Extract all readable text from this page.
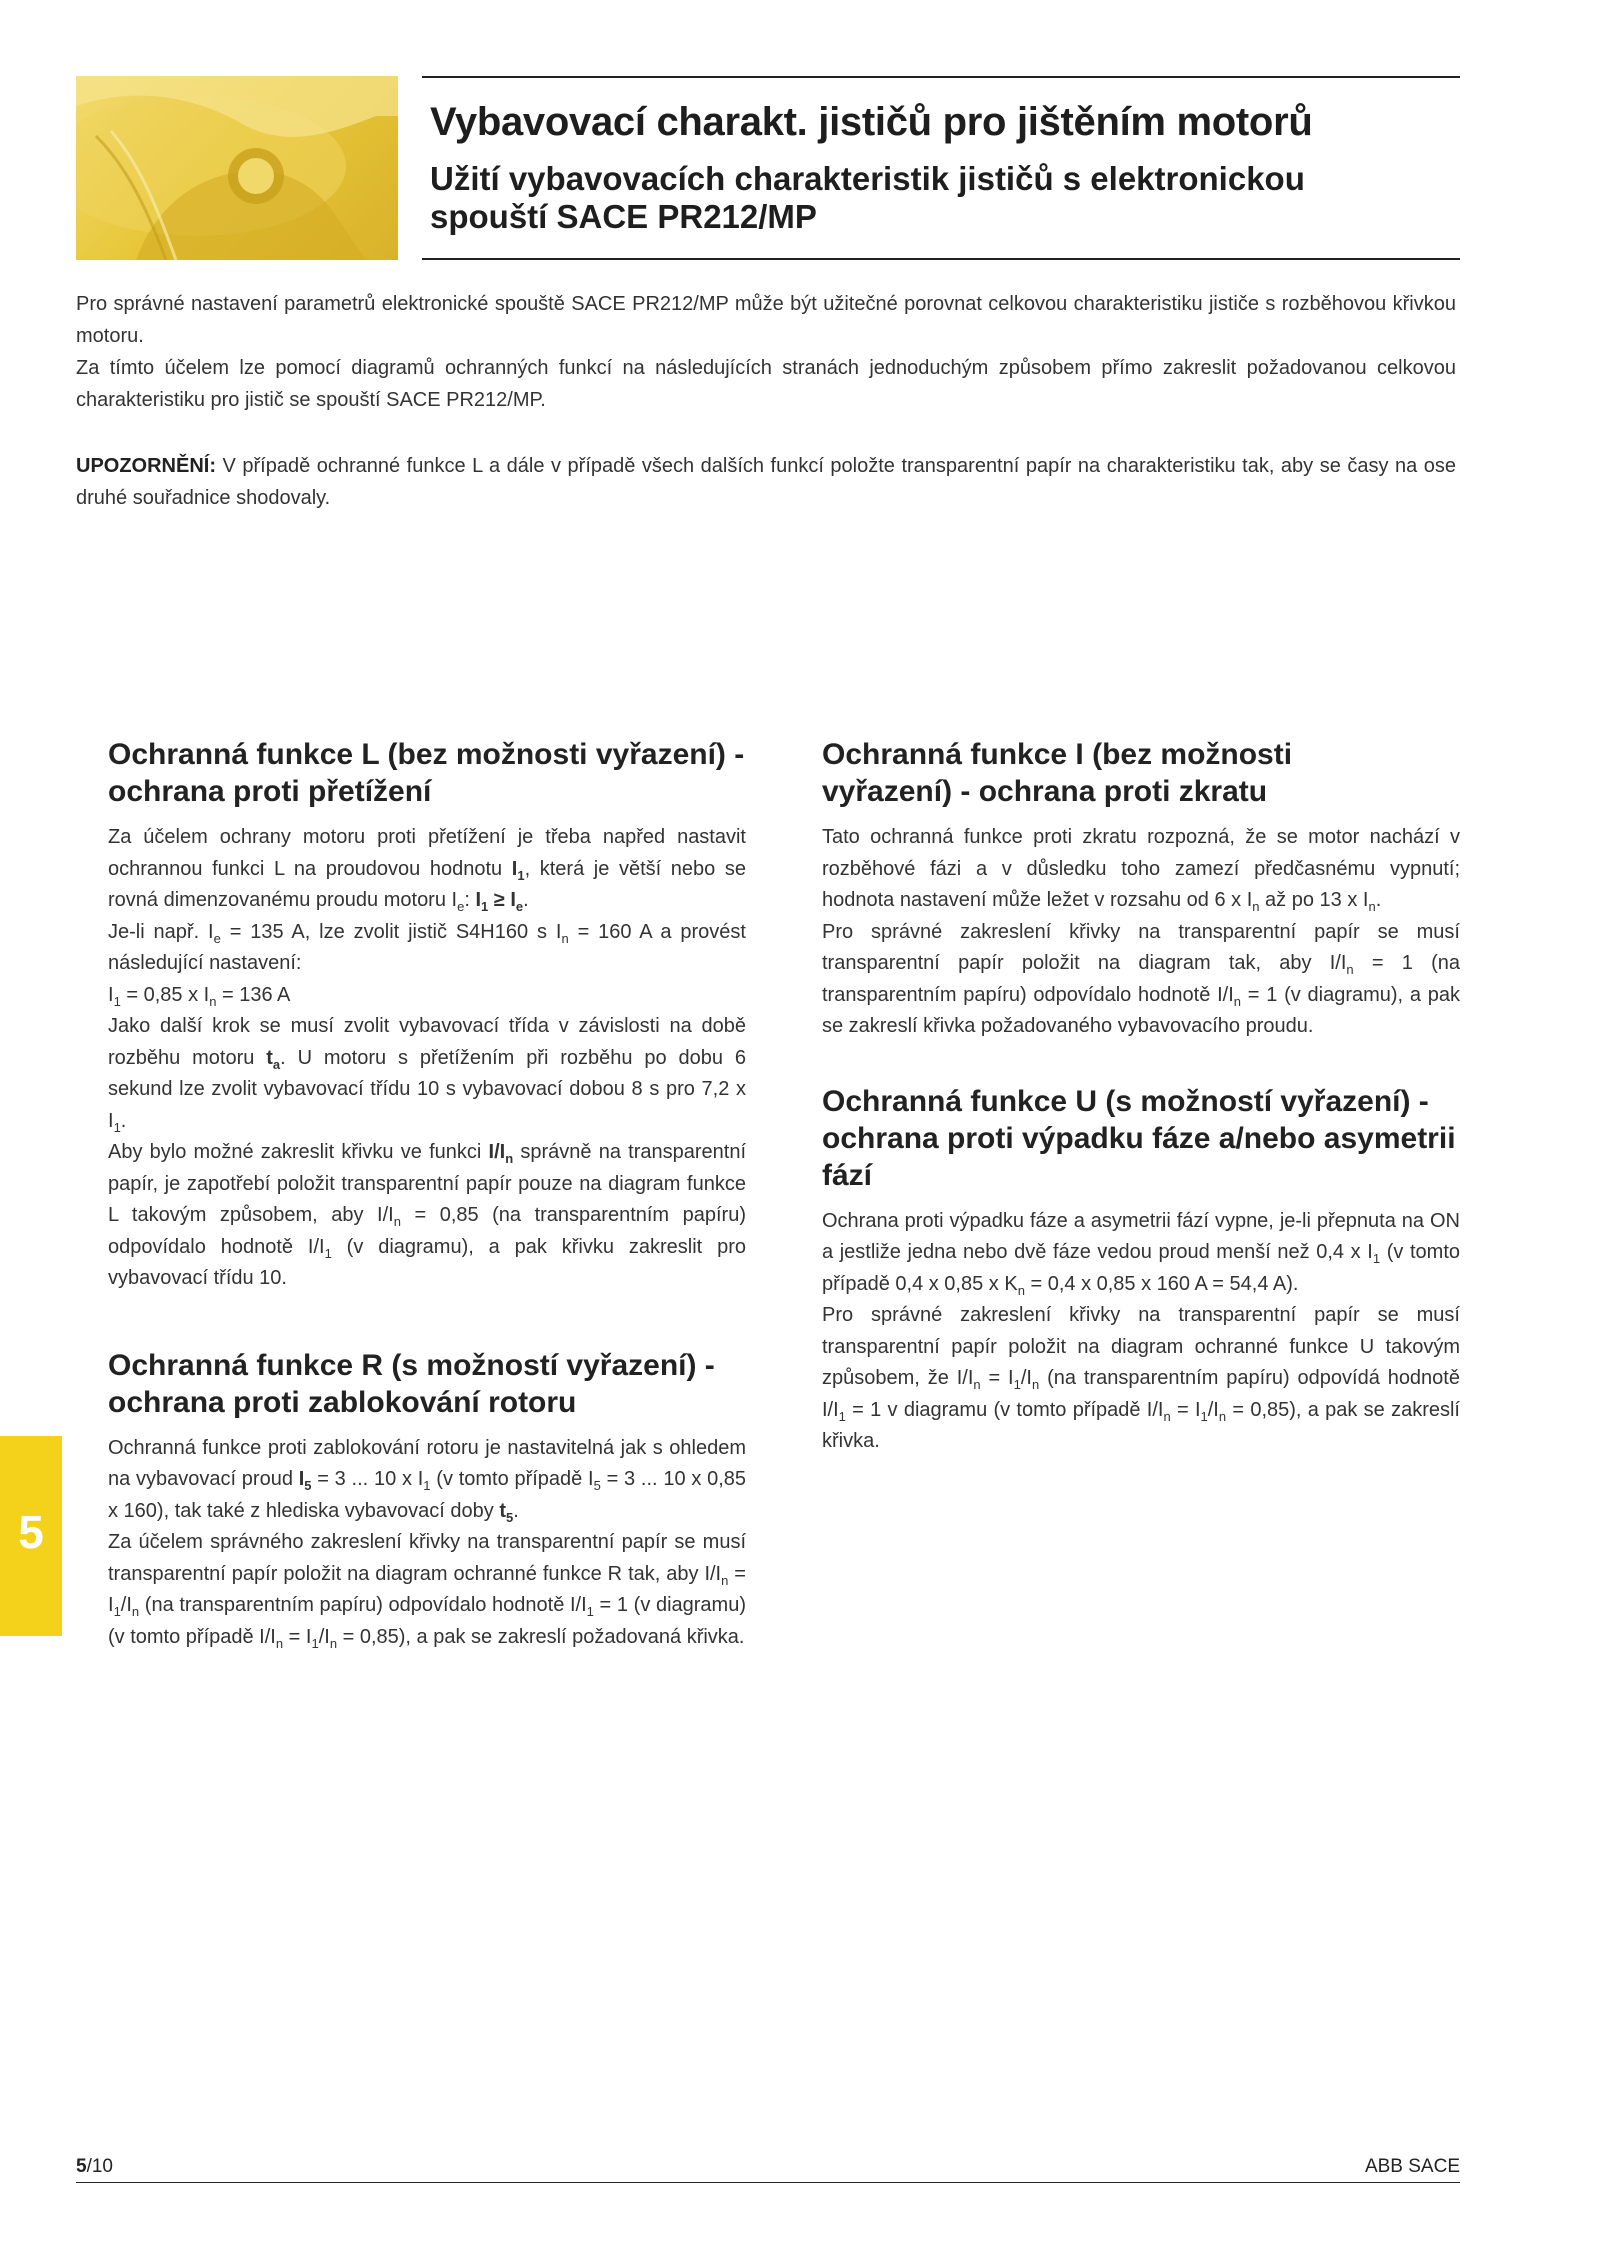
Vybavovací charakt. jističů pro jištěním motorů
Užití vybavovacích charakteristik jističů s elektronickou spouští SACE PR212/MP

Pro správné nastavení parametrů elektronické spouště SACE PR212/MP může být užitečné porovnat celkovou charakteristiku jističe s rozběhovou křivkou motoru.

Za tímto účelem lze pomocí diagramů ochranných funkcí na následujících stranách jednoduchým způsobem přímo zakreslit požadovanou celkovou charakteristiku pro jistič se spouští SACE PR212/MP.

UPOZORNĚNÍ: V případě ochranné funkce L a dále v případě všech dalších funkcí položte transparentní papír na charakteristiku tak, aby se časy na ose druhé souřadnice shodovaly.

Ochranná funkce L (bez možnosti vyřazení) - ochrana proti přetížení

Za účelem ochrany motoru proti přetížení je třeba napřed nastavit ochrannou funkci L na proudovou hodnotu $I_1$, která je větší nebo se rovná dimenzovanému proudu motoru $I_e$: $I_1 \ge I_e$.
Je-li např. $I_e = 135$ A, lze zvolit jistič S4H160 s $I_n = 160$ A a provést následující nastavení:
$I_1 = 0,85$ x $I_n = 136$ A
Jako další krok se musí zvolit vybavovací třída v závislosti na době rozběhu motoru $t_a$. U motoru s přetížením při rozběhu po dobu 6 sekund lze zvolit vybavovací třídu 10 s vybavovací dobou 8 s pro 7,2 x $I_1$.
Aby bylo možné zakreslit křivku ve funkci $I/I_n$ správně na transparentní papír, je zapotřebí položit transparentní papír pouze na diagram funkce L takovým způsobem, aby $I/I_n = 0,85$ (na transparentním papíru) odpovídalo hodnotě $I/I_1$ (v diagramu), a pak křivku zakreslit pro vybavovací třídu 10.

Ochranná funkce R (s možností vyřazení) - ochrana proti zablokování rotoru

Ochranná funkce proti zablokování rotoru je nastavitelná jak s ohledem na vybavovací proud $I_5 = 3$ ... 10 x $I_1$ (v tomto případě $I_5 = 3$ ... 10 x 0,85 x 160), tak také z hlediska vybavovací doby $t_5$.
Za účelem správného zakreslení křivky na transparentní papír se musí transparentní papír položit na diagram ochranné funkce R tak, aby $I/I_n = I_1/I_n$ (na transparentním papíru) odpovídalo hodnotě $I/I_1 = 1$ (v diagramu) (v tomto případě $I/I_n = I_1/I_n = 0,85$), a pak se zakreslí požadovaná křivka.

Ochranná funkce I (bez možnosti vyřazení) - ochrana proti zkratu

Tato ochranná funkce proti zkratu rozpozná, že se motor nachází v rozběhové fázi a v důsledku toho zamezí předčasnému vypnutí; hodnota nastavení může ležet v rozsahu od 6 x $I_n$ až po 13 x $I_n$.
Pro správné zakreslení křivky na transparentní papír se musí transparentní papír položit na diagram tak, aby $I/I_n = 1$ (na transparentním papíru) odpovídalo hodnotě $I/I_n = 1$ (v diagramu), a pak se zakreslí křivka požadovaného vybavovacího proudu.

Ochranná funkce U (s možností vyřazení) - ochrana proti výpadku fáze a/nebo asymetrii fází

Ochrana proti výpadku fáze a asymetrii fází vypne, je-li přepnuta na ON a jestliže jedna nebo dvě fáze vedou proud menší než 0,4 x $I_1$ (v tomto případě 0,4 x 0,85 x $K_n = 0,4$ x 0,85 x 160 A = 54,4 A).
Pro správné zakreslení křivky na transparentní papír se musí transparentní papír položit na diagram ochranné funkce U takovým způsobem, že $I/I_n = I_1/I_n$ (na transparentním papíru) odpovídá hodnotě $I/I_1 = 1$ v diagramu (v tomto případě $I/I_n = I_1/I_n = 0,85$), a pak se zakreslí křivka.

5
5/10	ABB SACE
